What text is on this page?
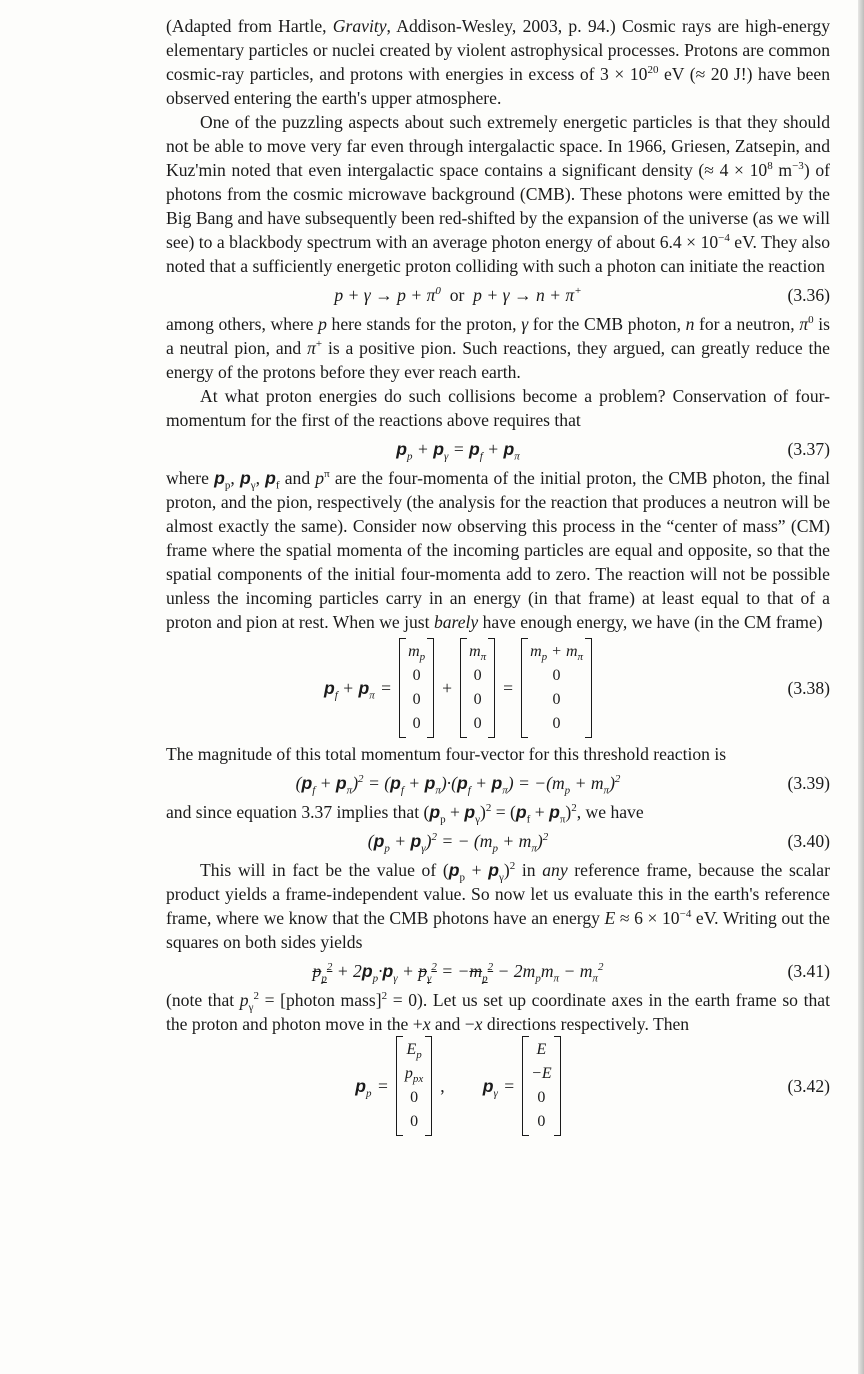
(Adapted from Hartle, Gravity, Addison-Wesley, 2003, p. 94.) Cosmic rays are high-energy elementary particles or nuclei created by violent astrophysical processes. Protons are common cosmic-ray particles, and protons with energies in excess of $3 \times 10^{20}$ eV (≈ 20 J!) have been observed entering the earth's upper atmosphere.

One of the puzzling aspects about such extremely energetic particles is that they should not be able to move very far even through intergalactic space. In 1966, Griesen, Zatsepin, and Kuz'min noted that even intergalactic space contains a significant density (≈ $4 \times 10^8$ $m^{-3}$) of photons from the cosmic microwave background (CMB). These photons were emitted by the Big Bang and have subsequently been red-shifted by the expansion of the universe (as we will see) to a blackbody spectrum with an average photon energy of about $6.4 \times 10^{-4}$ eV. They also noted that a sufficiently energetic proton colliding with such a photon can initiate the reaction

$p + \gamma \to p + \pi^0$  or  p + γ → n + π+	(3.36)

among others, where p here stands for the proton, γ for the CMB photon, n for a neutron, $\pi^0$ is a neutral pion, and π+ is a positive pion. Such reactions, they argued, can greatly reduce the energy of the protons before they ever reach earth.

At what proton energies do such collisions become a problem? Conservation of four-momentum for the first of the reactions above requires that

$p_p + p_\gamma = p_f + p_\pi$	(3.37)

where $p_p$, $p_\gamma$, $p_f$ and $p^\pi$ are the four-momenta of the initial proton, the CMB photon, the final proton, and the pion, respectively (the analysis for the reaction that produces a neutron will be almost exactly the same). Consider now observing this process in the “center of mass” (CM) frame where the spatial momenta of the incoming particles are equal and opposite, so that the spatial components of the initial four-momenta add to zero. The reaction will not be possible unless the incoming particles carry in an energy (in that frame) at least equal to that of a proton and pion at rest. When we just barely have enough energy, we have (in the CM frame)

$p_f + p_\pi$ =
$m_p$
0
0
0
+
$m_\pi$
0
0
0
=
$m_p + m_\pi$
0
0
0
(3.38)

The magnitude of this total momentum four-vector for this threshold reaction is

$(p_f + p_\pi)^2 = (p_f + p_\pi)\cdot(p_f + p_\pi) = -(m_p + m_\pi)^2$	(3.39)

and since equation 3.37 implies that $(p_p + p_\gamma)^2 = (p_f + p_\pi)^2$, we have

$(p_p + p_\gamma)^2$ = − $(m_p + m_\pi)^2$	(3.40)

This will in fact be the value of $(p_p + p_\gamma)^2$ in any reference frame, because the scalar product yields a frame-independent value. So now let us evaluate this in the earth's reference frame, where we know that the CMB photons have an energy $E \approx 6 \times 10^{-4}$ eV. Writing out the squares on both sides yields

$p_p^2 + 2p_p\cdot p_\gamma + p_\gamma^2 = -m_p^2 - 2m_pm_\pi - m_\pi^2$	(3.41)

(note that $p_\gamma^2$ = [photon mass]$^2$ = 0). Let us set up coordinate axes in the earth frame so that the proton and photon move in the +x and −x directions respectively. Then

$p_p$ =
$E_p$
$p_{px}$
0
0
, $p_\gamma$ =
E
−E
0
0
(3.42)
